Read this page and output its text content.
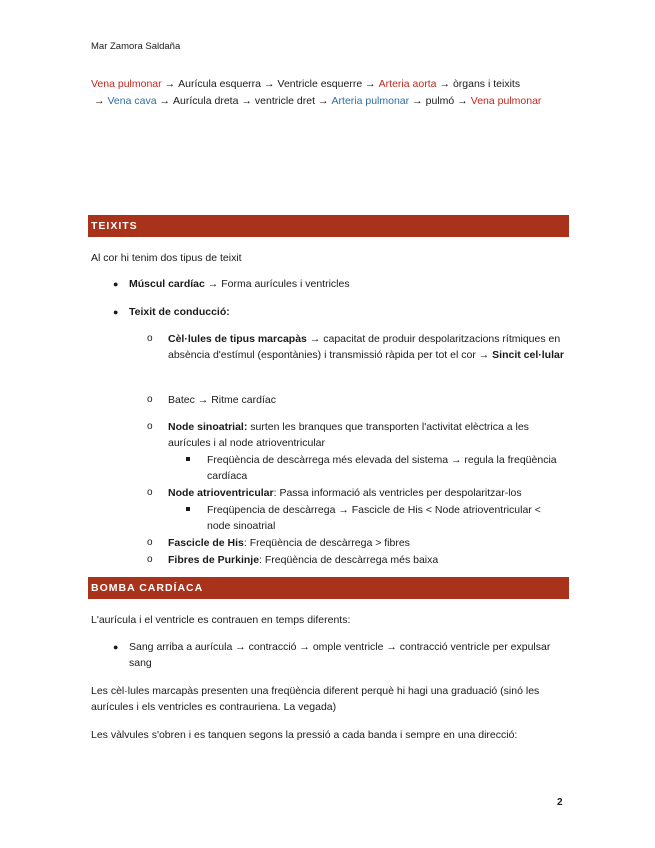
Mar Zamora Saldaña
Vena pulmonar → Aurícula esquerra → Ventricle esquerre → Arteria aorta → òrgans i teixits
→ Vena cava → Aurícula dreta → ventricle dret → Arteria pulmonar → pulmó → Vena pulmonar
TEIXITS
Al cor hi tenim dos tipus de teixit
● Múscul cardíac → Forma aurícules i ventricles
● Teixit de conducció:
o Cèl·lules de tipus marcapàs → capacitat de produir despolaritzacions rítmiques en absència d'estímul (espontànies) i transmissió ràpida per tot el cor → Sincit cel·lular
o Batec → Ritme cardíac
o Node sinoatrial: surten les branques que transporten l'activitat elèctrica a les aurícules i al node atrioventricular
Freqüència de descàrrega més elevada del sistema → regula la freqüència cardíaca
o Node atrioventricular: Passa informació als ventricles per despolaritzar-los
Freqüpencia de descàrrega → Fascicle de His < Node atrioventricular < node sinoatrial
o Fascicle de His: Freqüència de descàrrega > fibres
o Fibres de Purkinje: Freqüència de descàrrega més baixa
BOMBA CARDÍACA
L'aurícula i el ventricle es contrauen en temps diferents:
● Sang arriba a aurícula → contracció → omple ventricle → contracció ventricle per expulsar sang
Les cèl·lules marcapàs presenten una freqüència diferent perquè hi hagi una graduació (sinó les aurícules i els ventricles es contraurienа. La vegada)
Les vàlvules s'obren i es tanquen segons la pressió a cada banda i sempre en una direcció:
2
